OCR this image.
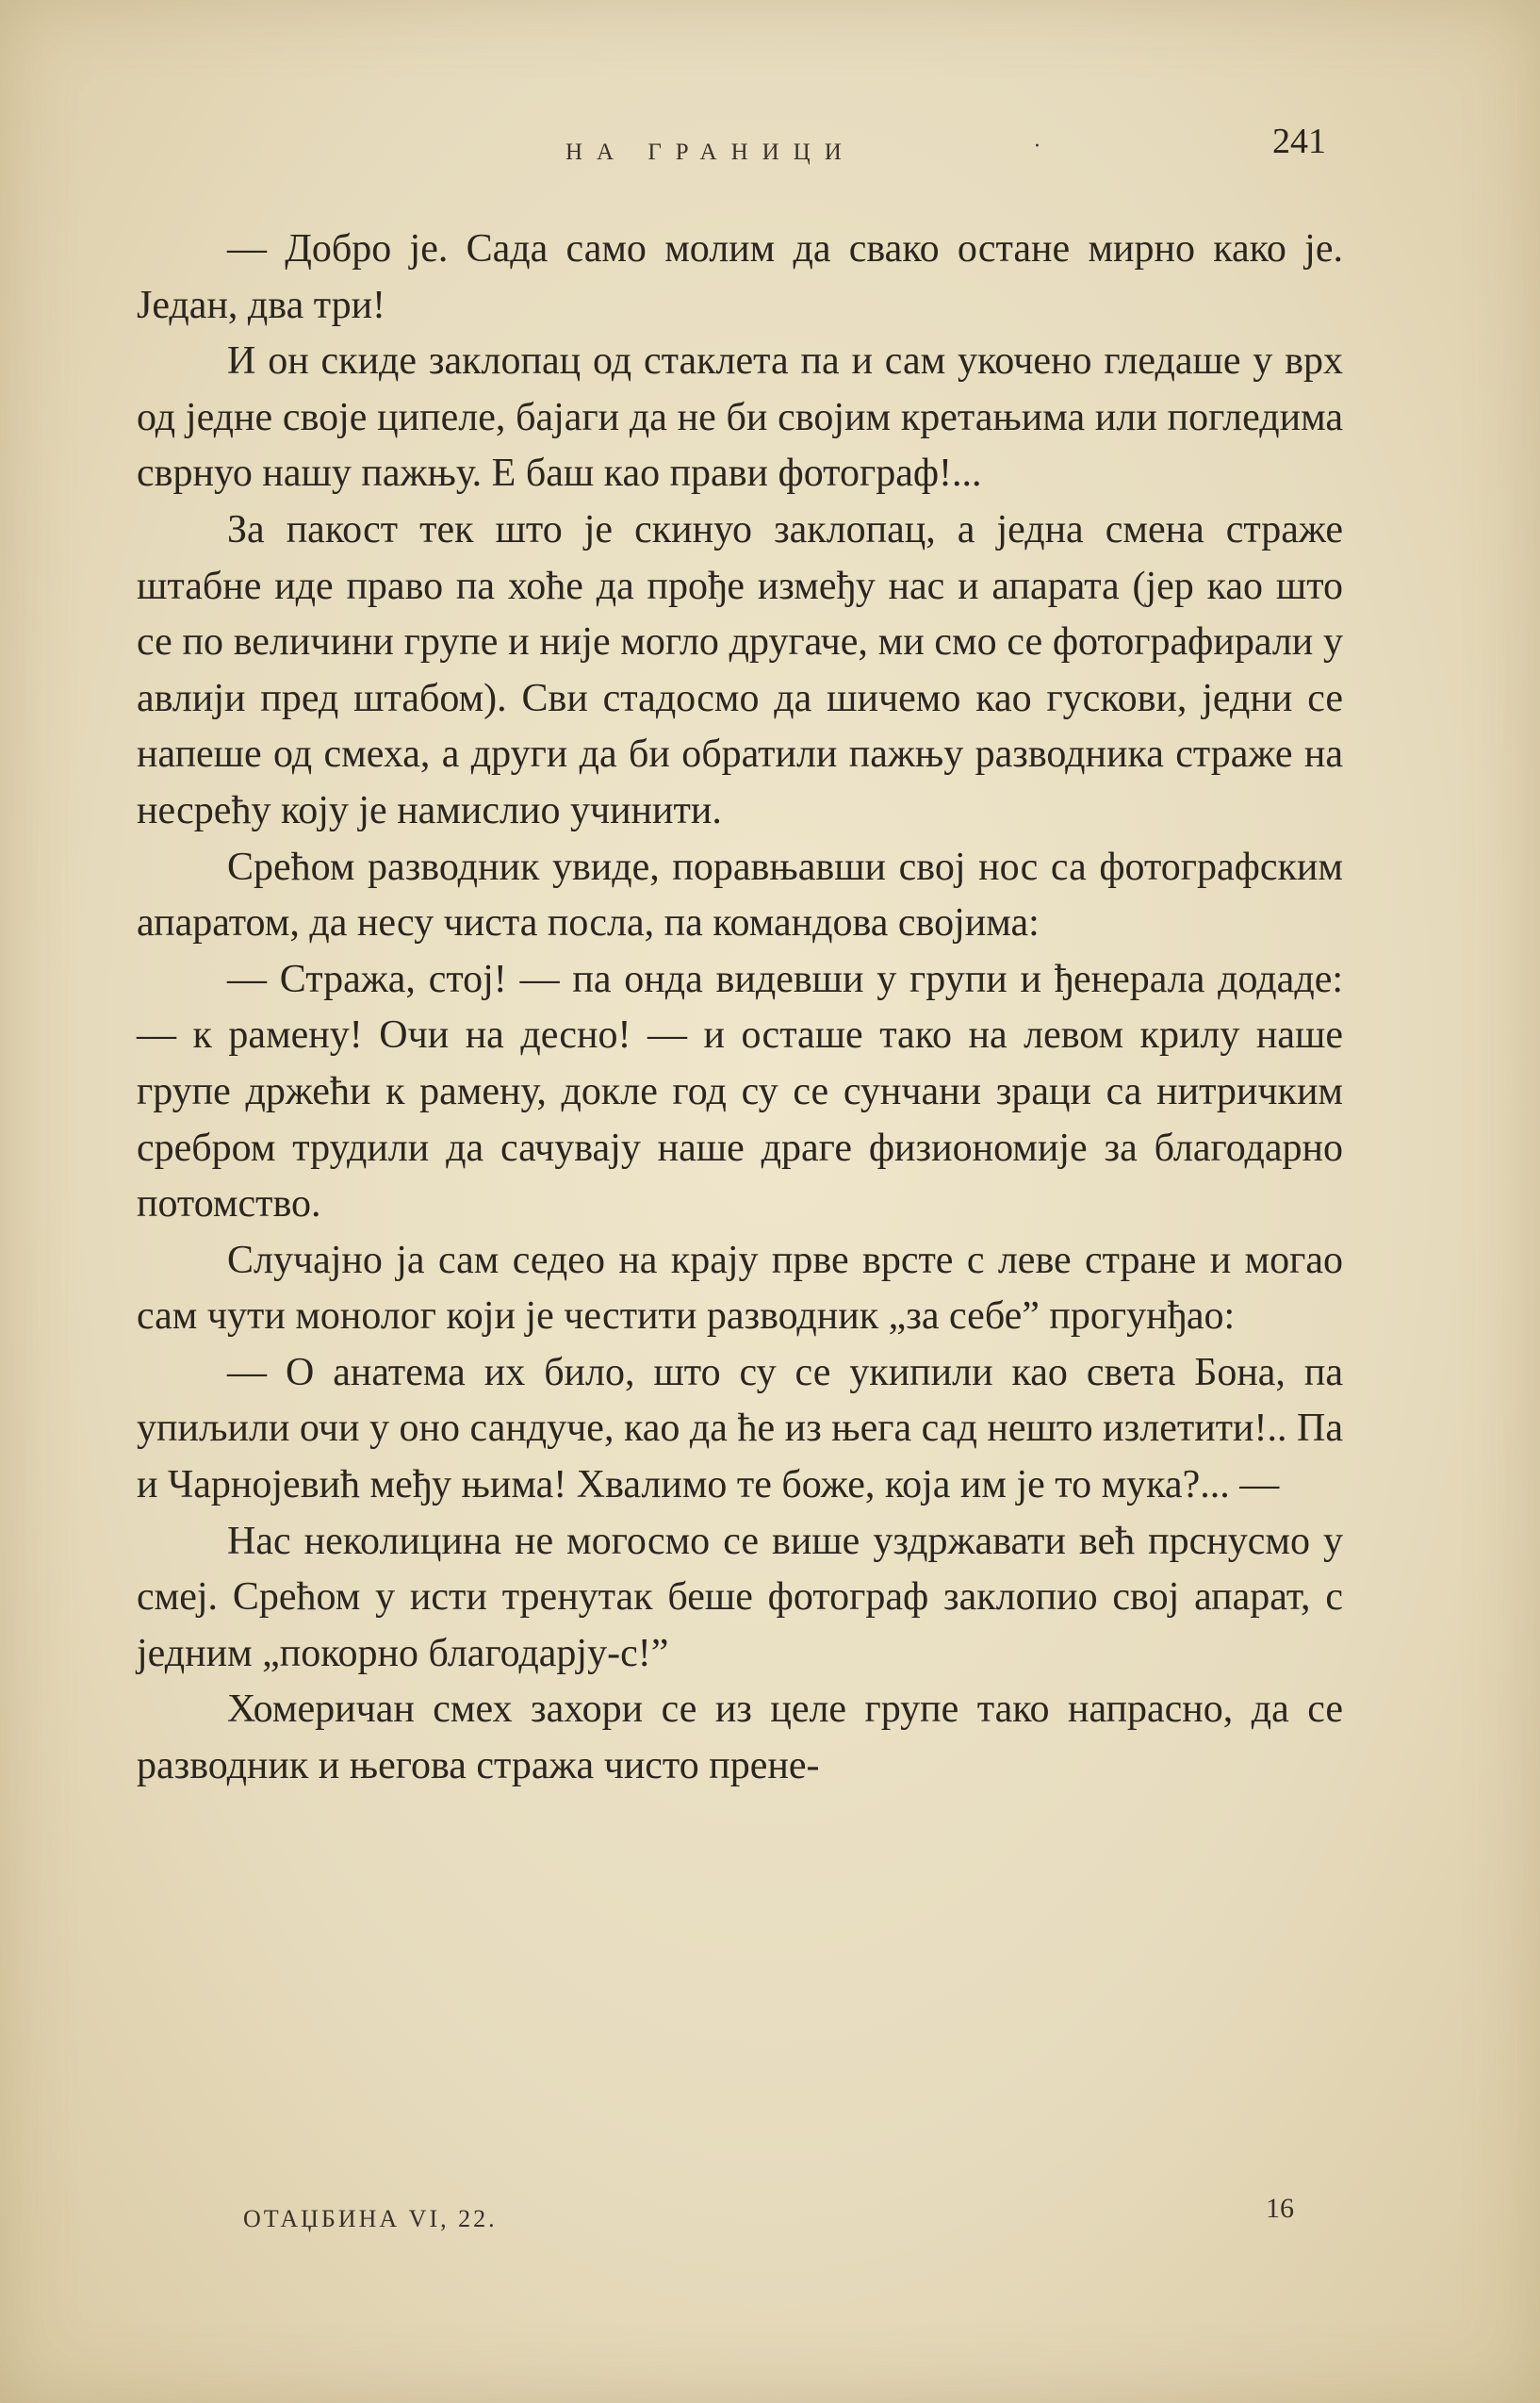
НА ГРАНИЦИ	·	241

— Добро је. Сада само молим да свако остане мирно како је. Један, два три!

И он скиде заклопац од стаклета па и сам укочено гледаше у врх од једне своје ципеле, бајаги да не би својим кретањима или погледима сврнуо нашу пажњу. Е баш као прави фотограф!...

За пакост тек што је скинуо заклопац, а једна смена страже штабне иде право па хоће да прође између нас и апарата (јер као што се по величини групе и није могло другаче, ми смо се фотографирали у авлији пред штабом). Сви стадосмо да шичемо као гускови, једни се напеше од смеха, а други да би обратили пажњу разводника страже на несрећу коју је намислио учинити.

Срећом разводник увиде, поравњавши свој нос са фотографским апаратом, да несу чиста посла, па командова својима:

— Стража, стој! — па онда видевши у групи и ђенерала додаде: — к рамену! Очи на десно! — и осташе тако на левом крилу наше групе држећи к рамену, докле год су се сунчани зраци са нитричким сребром трудили да сачувају наше драге физиономије за благодарно потомство.

Случајно ја сам седео на крају прве врсте с леве стране и могао сам чути монолог који је честити разводник „за себе” прогунђао:

— О анатема их било, што су се укипили као света Бона, па упиљили очи у оно сандуче, као да ће из њега сад нешто излетити!.. Па и Чарнојевић међу њима! Хвалимо те боже, која им је то мука?... —

Нас неколицина не могосмо се више уздржавати већ прснусмо у смеј. Срећом у исти тренутак беше фотограф заклопио свој апарат, с једним „покорно благодарју-с!”

Хомеричан смех захори се из целе групе тако напрасно, да се разводник и његова стража чисто прене-

ОТАЏБИНА VI, 22.	16
